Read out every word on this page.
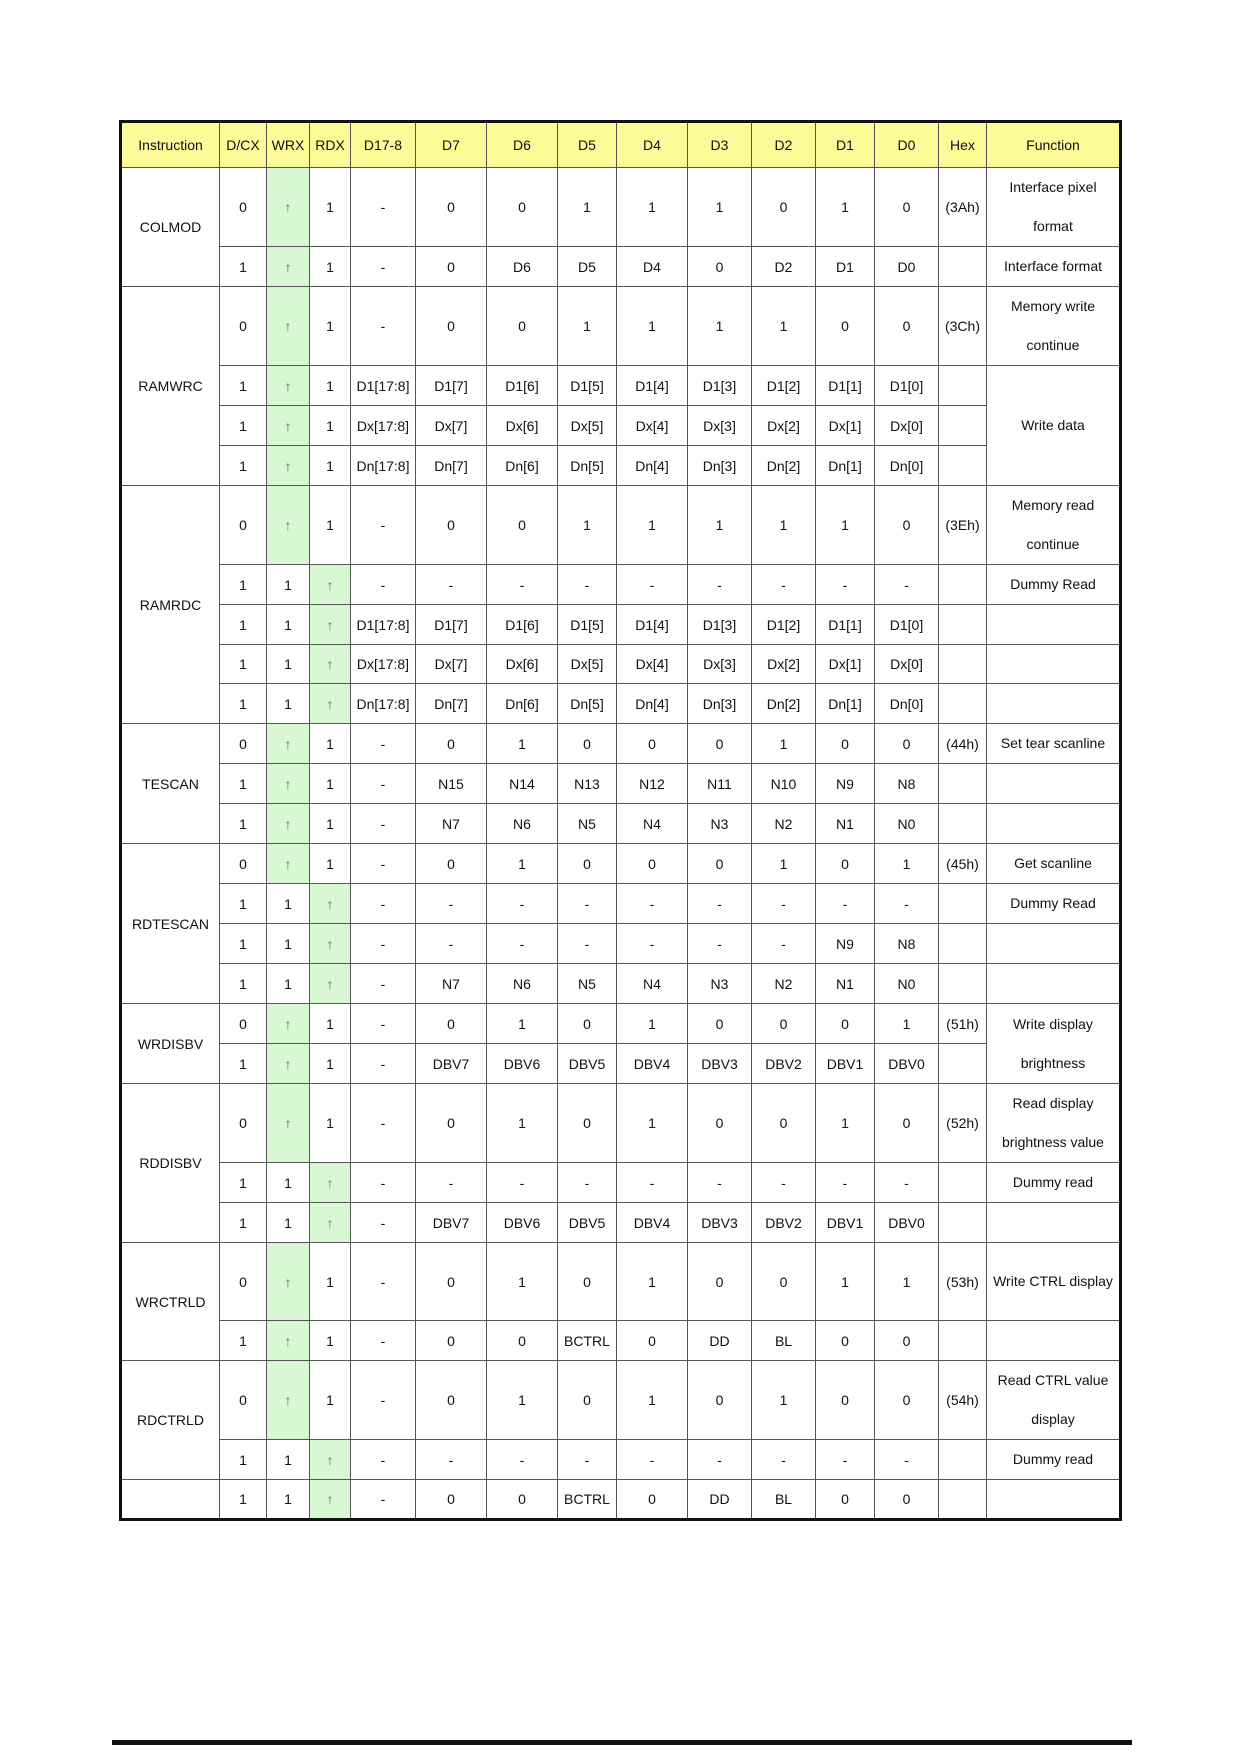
Instruction	D/CX	WRX	RDX	D17-8	D7	D6	D5	D4	D3	D2	D1	D0	Hex	Function
COLMOD	0	↑	1	-	0	0	1	1	1	0	1	0	(3Ah)	Interface pixel format
	1	↑	1	-	0	D6	D5	D4	0	D2	D1	D0		Interface format
RAMWRC	0	↑	1	-	0	0	1	1	1	1	0	0	(3Ch)	Memory write continue
	1	↑	1	D1[17:8]	D1[7]	D1[6]	D1[5]	D1[4]	D1[3]	D1[2]	D1[1]	D1[0]		Write data
	1	↑	1	Dx[17:8]	Dx[7]	Dx[6]	Dx[5]	Dx[4]	Dx[3]	Dx[2]	Dx[1]	Dx[0]		
	1	↑	1	Dn[17:8]	Dn[7]	Dn[6]	Dn[5]	Dn[4]	Dn[3]	Dn[2]	Dn[1]	Dn[0]		
RAMRDC	0	↑	1	-	0	0	1	1	1	1	1	0	(3Eh)	Memory read continue
	1	1	↑	-	-	-	-	-	-	-	-	-		Dummy Read
	1	1	↑	D1[17:8]	D1[7]	D1[6]	D1[5]	D1[4]	D1[3]	D1[2]	D1[1]	D1[0]		
	1	1	↑	Dx[17:8]	Dx[7]	Dx[6]	Dx[5]	Dx[4]	Dx[3]	Dx[2]	Dx[1]	Dx[0]		
	1	1	↑	Dn[17:8]	Dn[7]	Dn[6]	Dn[5]	Dn[4]	Dn[3]	Dn[2]	Dn[1]	Dn[0]		
TESCAN	0	↑	1	-	0	1	0	0	0	1	0	0	(44h)	Set tear scanline
	1	↑	1	-	N15	N14	N13	N12	N11	N10	N9	N8		
	1	↑	1	-	N7	N6	N5	N4	N3	N2	N1	N0		
RDTESCAN	0	↑	1	-	0	1	0	0	0	1	0	1	(45h)	Get scanline
	1	1	↑	-	-	-	-	-	-	-	-	-		Dummy Read
	1	1	↑	-	-	-	-	-	-	-	N9	N8		
	1	1	↑	-	N7	N6	N5	N4	N3	N2	N1	N0		
WRDISBV	0	↑	1	-	0	1	0	1	0	0	0	1	(51h)	Write display brightness
	1	↑	1	-	DBV7	DBV6	DBV5	DBV4	DBV3	DBV2	DBV1	DBV0		
RDDISBV	0	↑	1	-	0	1	0	1	0	0	1	0	(52h)	Read display brightness value
	1	1	↑	-	-	-	-	-	-	-	-	-		Dummy read
	1	1	↑	-	DBV7	DBV6	DBV5	DBV4	DBV3	DBV2	DBV1	DBV0		
WRCTRLD	0	↑	1	-	0	1	0	1	0	0	1	1	(53h)	Write CTRL display
	1	↑	1	-	0	0	BCTRL	0	DD	BL	0	0		
RDCTRLD	0	↑	1	-	0	1	0	1	0	1	0	0	(54h)	Read CTRL value display
	1	1	↑	-	-	-	-	-	-	-	-	-		Dummy read
	1	1	↑	-	0	0	BCTRL	0	DD	BL	0	0		
